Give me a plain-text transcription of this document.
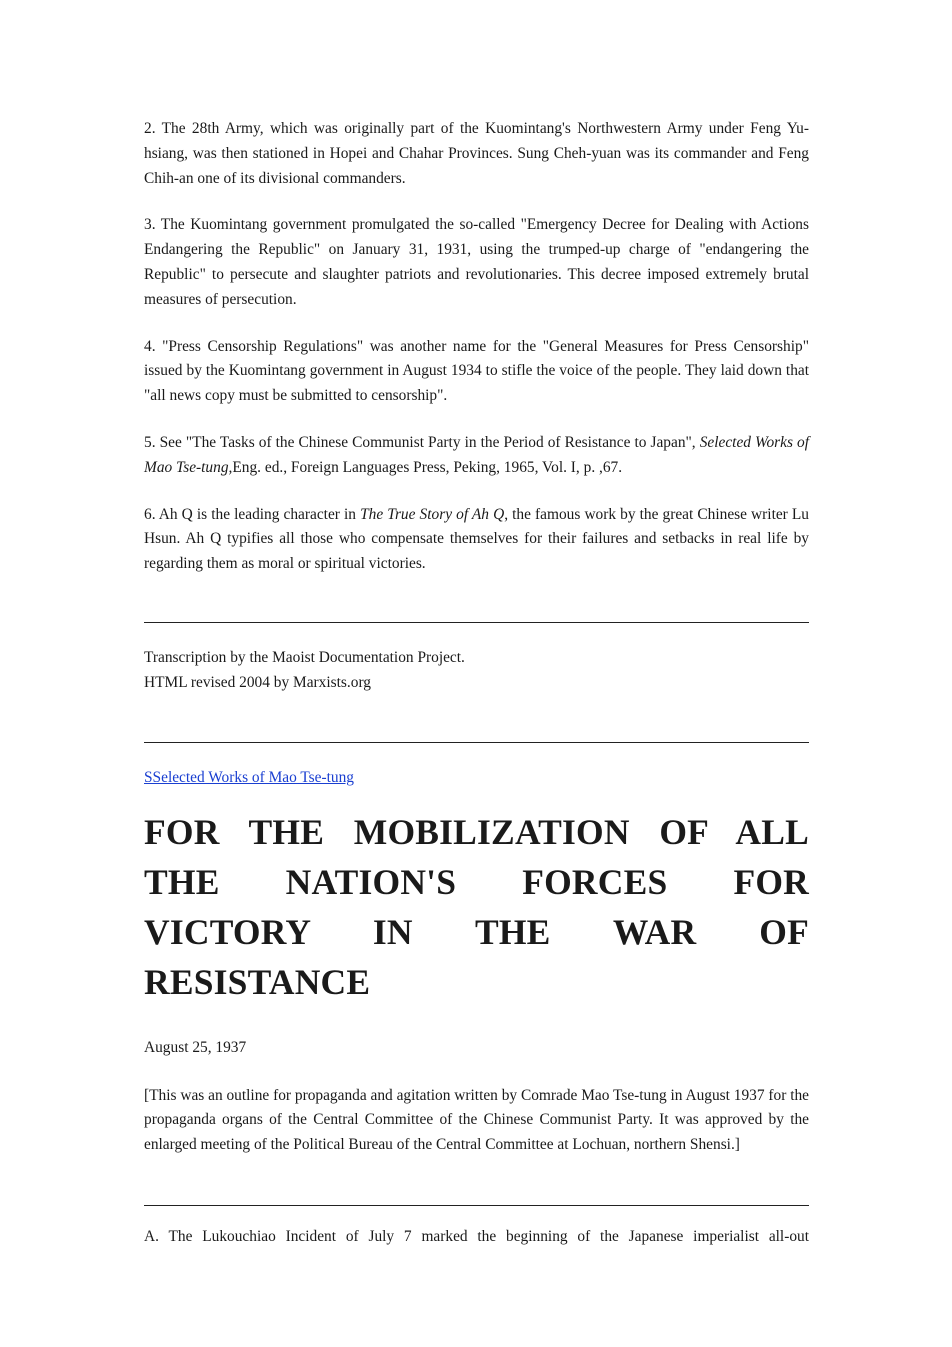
2. The 28th Army, which was originally part of the Kuomintang's Northwestern Army under Feng Yu-hsiang, was then stationed in Hopei and Chahar Provinces. Sung Cheh-yuan was its commander and Feng Chih-an one of its divisional commanders.

3. The Kuomintang government promulgated the so-called "Emergency Decree for Dealing with Actions Endangering the Republic" on January 31, 1931, using the trumped-up charge of "endangering the Republic" to persecute and slaughter patriots and revolutionaries. This decree imposed extremely brutal measures of persecution.

4. "Press Censorship Regulations" was another name for the "General Measures for Press Censorship" issued by the Kuomintang government in August 1934 to stifle the voice of the people. They laid down that "all news copy must be submitted to censorship".

5. See "The Tasks of the Chinese Communist Party in the Period of Resistance to Japan", Selected Works of Mao Tse-tung,Eng. ed., Foreign Languages Press, Peking, 1965, Vol. I, p. ,67.

6. Ah Q is the leading character in The True Story of Ah Q, the famous work by the great Chinese writer Lu Hsun. Ah Q typifies all those who compensate themselves for their failures and setbacks in real life by regarding them as moral or spiritual victories.

Transcription by the Maoist Documentation Project.
HTML revised 2004 by Marxists.org
SSelected Works of Mao Tse-tung
FOR THE MOBILIZATION OF ALL THE NATION'S FORCES FOR VICTORY IN THE WAR OF RESISTANCE
August 25, 1937

[This was an outline for propaganda and agitation written by Comrade Mao Tse-tung in August 1937 for the propaganda organs of the Central Committee of the Chinese Communist Party. It was approved by the enlarged meeting of the Political Bureau of the Central Committee at Lochuan, northern Shensi.]

A. The Lukouchiao Incident of July 7 marked the beginning of the Japanese imperialist all-out
